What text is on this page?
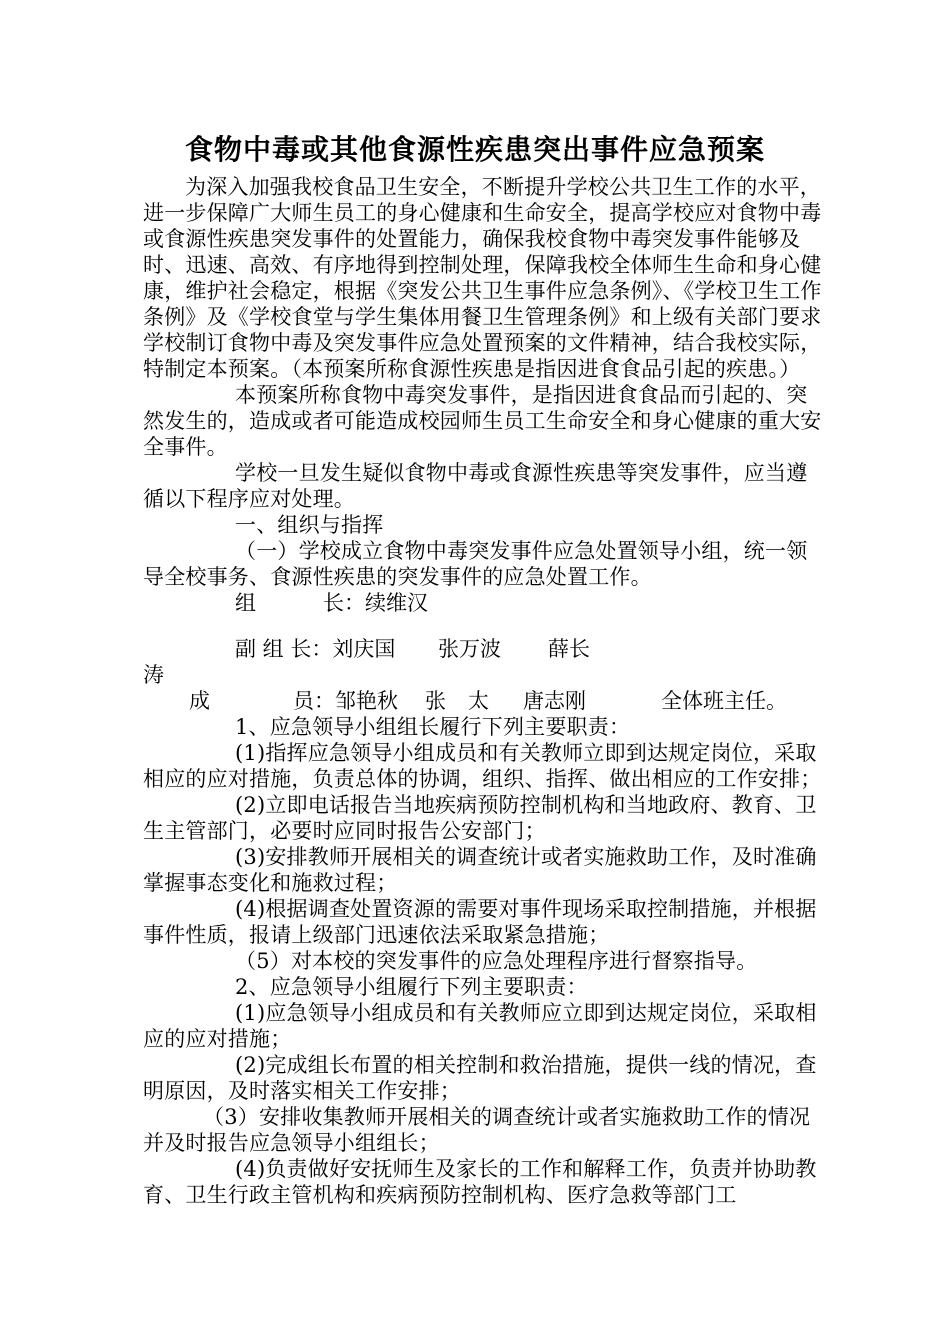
食物中毒或其他食源性疾患突出事件应急预案

为深入加强我校食品卫生安全，不断提升学校公共卫生工作的水平，进一步保障广大师生员工的身心健康和生命安全，提高学校应对食物中毒或食源性疾患突发事件的处置能力，确保我校食物中毒突发事件能够及时、迅速、高效、有序地得到控制处理，保障我校全体师生生命和身心健康，维护社会稳定，根据《突发公共卫生事件应急条例》、《学校卫生工作条例》及《学校食堂与学生集体用餐卫生管理条例》和上级有关部门要求学校制订食物中毒及突发事件应急处置预案的文件精神，结合我校实际，特制定本预案。（本预案所称食源性疾患是指因进食食品引起的疾患。）

本预案所称食物中毒突发事件，是指因进食食品而引起的、突然发生的，造成或者可能造成校园师生员工生命安全和身心健康的重大安全事件。

学校一旦发生疑似食物中毒或食源性疾患等突发事件，应当遵循以下程序应对处理。

一、组织与指挥

（一）学校成立食物中毒突发事件应急处置领导小组，统一领导全校事务、食源性疾患的突发事件的应急处置工作。

组	长：续维汉
副 组 长：刘庆国 张万波 薛长
涛
成	员：邹艳秋 张 太 唐志刚	全体班主任。

1、应急领导小组组长履行下列主要职责：

(1)指挥应急领导小组成员和有关教师立即到达规定岗位，采取相应的应对措施，负责总体的协调，组织、指挥、做出相应的工作安排；

(2)立即电话报告当地疾病预防控制机构和当地政府、教育、卫生主管部门，必要时应同时报告公安部门；

(3)安排教师开展相关的调查统计或者实施救助工作，及时准确掌握事态变化和施救过程；

(4)根据调查处置资源的需要对事件现场采取控制措施，并根据事件性质，报请上级部门迅速依法采取紧急措施；

（5）对本校的突发事件的应急处理程序进行督察指导。

2、应急领导小组履行下列主要职责：

(1)应急领导小组成员和有关教师应立即到达规定岗位，采取相应的应对措施；

(2)完成组长布置的相关控制和救治措施，提供一线的情况，查明原因，及时落实相关工作安排；

（3）安排收集教师开展相关的调查统计或者实施救助工作的情况并及时报告应急领导小组组长；

(4)负责做好安抚师生及家长的工作和解释工作，负责并协助教育、卫生行政主管机构和疾病预防控制机构、医疗急救等部门工
